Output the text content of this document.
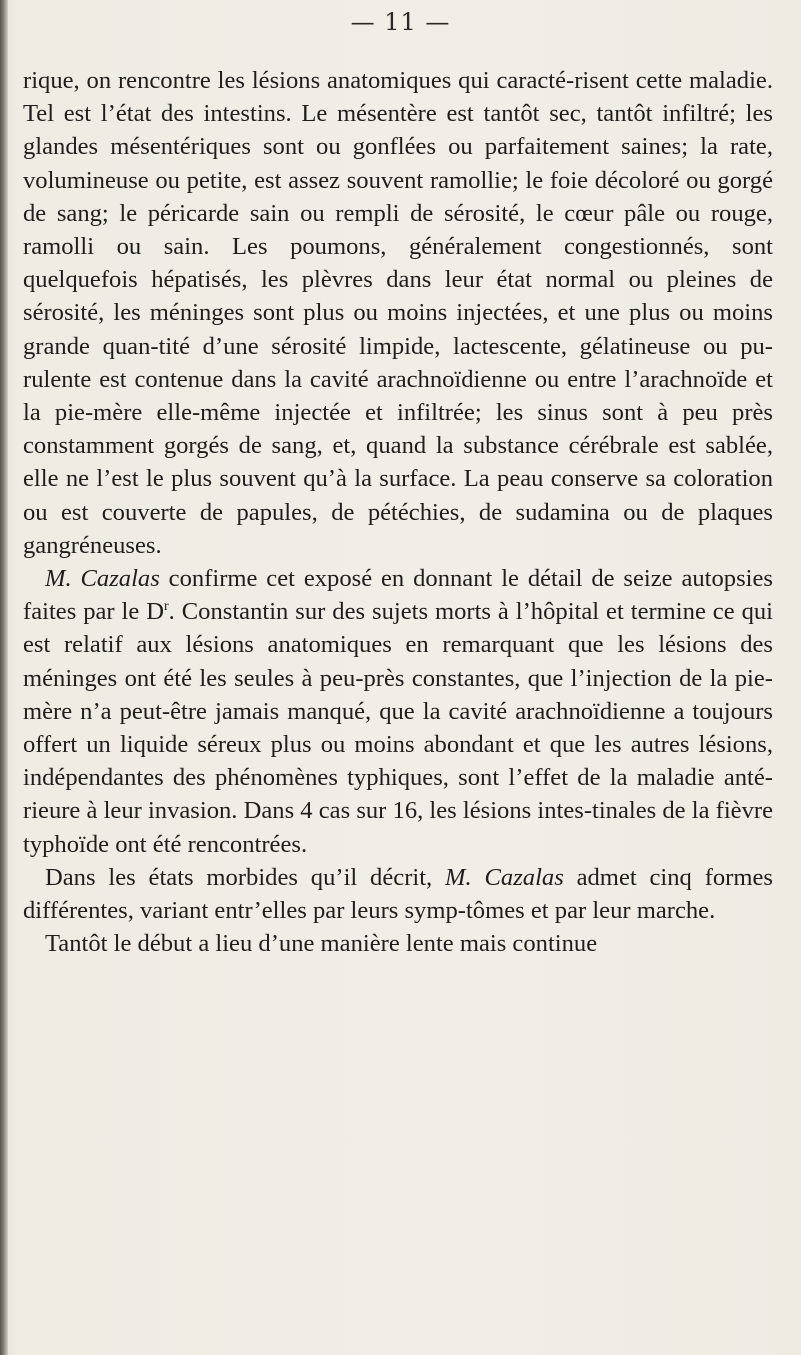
— 11 —

rique, on rencontre les lésions anatomiques qui caracté-risent cette maladie. Tel est l’état des intestins. Le mésentère est tantôt sec, tantôt infiltré; les glandes mésentériques sont ou gonflées ou parfaitement saines; la rate, volumineuse ou petite, est assez souvent ramollie; le foie décoloré ou gorgé de sang; le péricarde sain ou rempli de sérosité, le cœur pâle ou rouge, ramolli ou sain. Les poumons, généralement congestionnés, sont quelquefois hépatisés, les plèvres dans leur état normal ou pleines de sérosité, les méninges sont plus ou moins injectées, et une plus ou moins grande quan-tité d’une sérosité limpide, lactescente, gélatineuse ou pu-rulente est contenue dans la cavité arachnoïdienne ou entre l’arachnoïde et la pie-mère elle-même injectée et infiltrée; les sinus sont à peu près constamment gorgés de sang, et, quand la substance cérébrale est sablée, elle ne l’est le plus souvent qu’à la surface. La peau conserve sa coloration ou est couverte de papules, de pétéchies, de sudamina ou de plaques gangréneuses.

M. Cazalas confirme cet exposé en donnant le détail de seize autopsies faites par le $D^r$. Constantin sur des sujets morts à l’hôpital et termine ce qui est relatif aux lésions anatomiques en remarquant que les lésions des méninges ont été les seules à peu-près constantes, que l’injection de la pie-mère n’a peut-être jamais manqué, que la cavité arachnoïdienne a toujours offert un liquide séreux plus ou moins abondant et que les autres lésions, indépendantes des phénomènes typhiques, sont l’effet de la maladie anté-rieure à leur invasion. Dans 4 cas sur 16, les lésions intes-tinales de la fièvre typhoïde ont été rencontrées.

Dans les états morbides qu’il décrit, M. Cazalas admet cinq formes différentes, variant entr’elles par leurs symp-tômes et par leur marche.

Tantôt le début a lieu d’une manière lente mais continue
